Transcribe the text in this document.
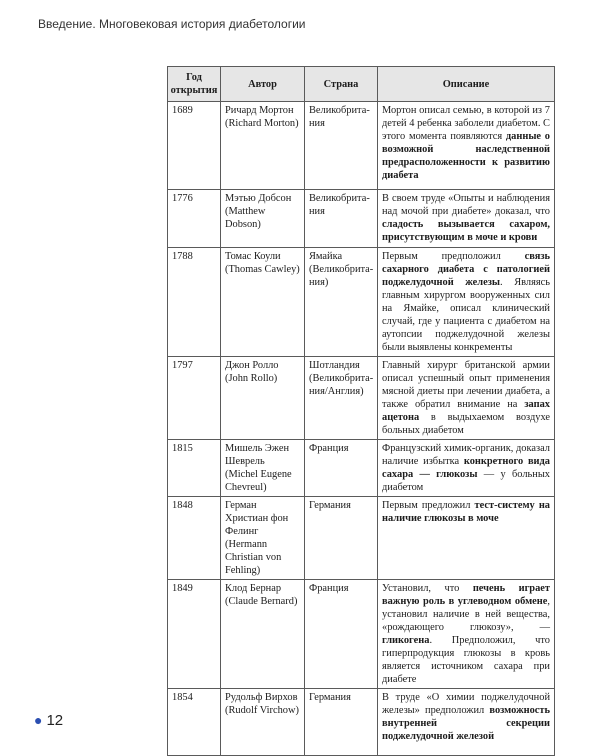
Введение. Многовековая история диабетологии
Год открытия	Автор	Страна	Описание
1689	Ричард Мортон (Richard Morton)	Великобритания	Мортон описал семью, в которой из 7 детей 4 ребенка заболели диабетом. С этого момента появляются данные о возможной наследственной предрасположенности к развитию диабета
1776	Мэтью Добсон (Matthew Dobson)	Великобритания	В своем труде «Опыты и наблюдения над мочой при диабете» доказал, что сладость вызывается сахаром, присутствующим в моче и крови
1788	Томас Коули (Thomas Cawley)	Ямайка (Великобритания)	Первым предположил связь сахарного диабета с патологией поджелудочной железы. Являясь главным хирургом вооруженных сил на Ямайке, описал клинический случай, где у пациента с диабетом на аутопсии поджелудочной железы были выявлены конкременты
1797	Джон Ролло (John Rollo)	Шотландия (Великобритания/Англия)	Главный хирург британской армии описал успешный опыт применения мясной диеты при лечении диабета, а также обратил внимание на запах ацетона в выдыхаемом воздухе больных диабетом
1815	Мишель Эжен Шеврель (Michel Eugene Chevreul)	Франция	Французский химик-органик, доказал наличие избытка конкретного вида сахара — глюкозы — у больных диабетом
1848	Герман Христиан фон Фелинг (Hermann Christian von Fehling)	Германия	Первым предложил тест-систему на наличие глюкозы в моче
1849	Клод Бернар (Claude Bernard)	Франция	Установил, что печень играет важную роль в углеводном обмене, установил наличие в ней вещества, «рождающего глюкозу», — гликогена. Предположил, что гиперпродукция глюкозы в кровь является источником сахара при диабете
1854	Рудольф Вирхов (Rudolf Virchow)	Германия	В труде «О химии поджелудочной железы» предположил возможность внутренней секреции поджелудочной железой
● 12
